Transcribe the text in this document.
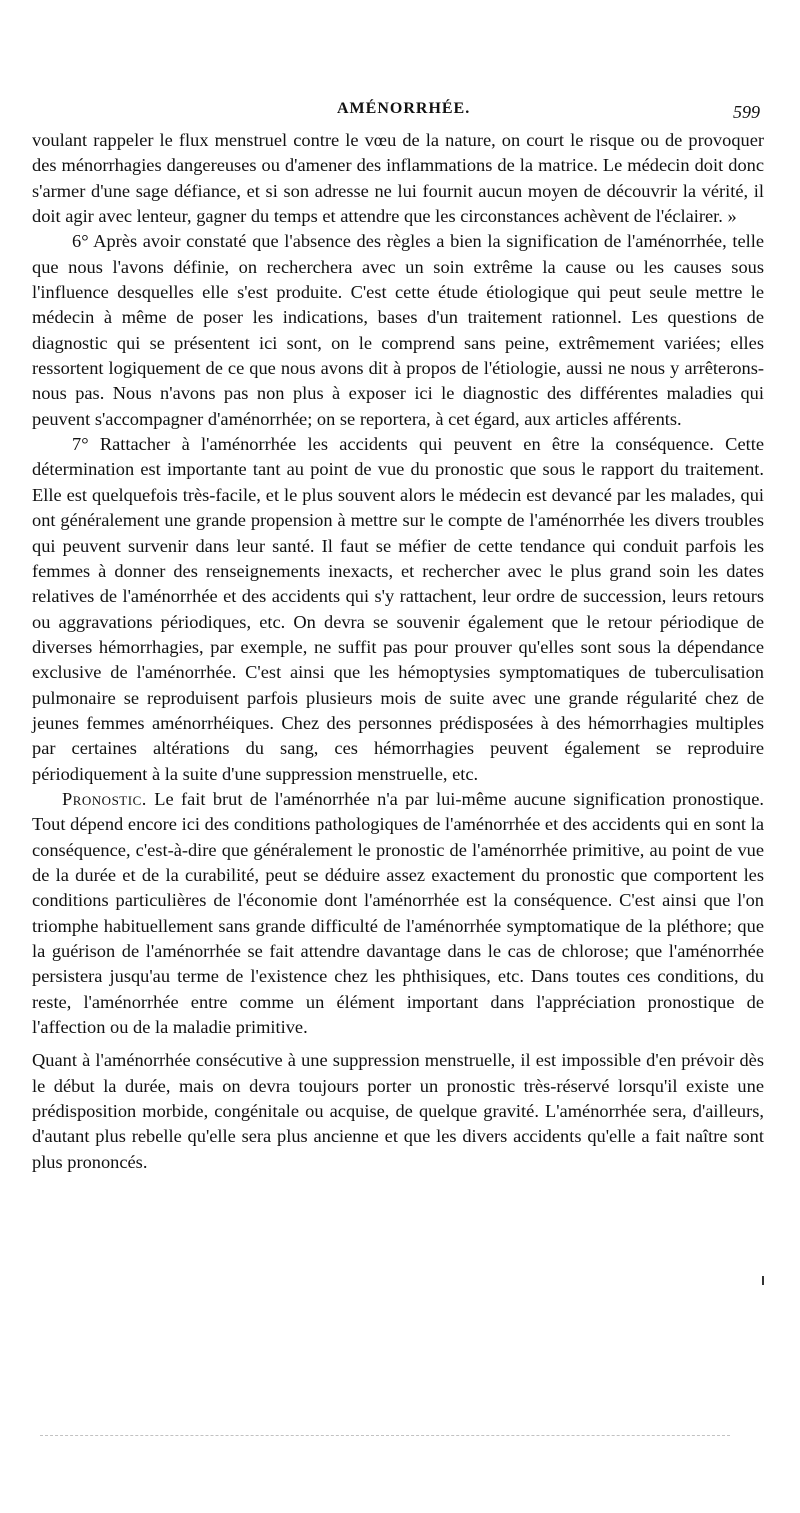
AMÉNORRHÉE.	599

voulant rappeler le flux menstruel contre le vœu de la nature, on court le risque ou de provoquer des ménorrhagies dangereuses ou d'amener des inflammations de la matrice. Le médecin doit donc s'armer d'une sage défiance, et si son adresse ne lui fournit aucun moyen de découvrir la vérité, il doit agir avec lenteur, gagner du temps et attendre que les circonstances achèvent de l'éclairer. »

6° Après avoir constaté que l'absence des règles a bien la signification de l'aménorrhée, telle que nous l'avons définie, on recherchera avec un soin extrême la cause ou les causes sous l'influence desquelles elle s'est produite. C'est cette étude étiologique qui peut seule mettre le médecin à même de poser les indications, bases d'un traitement rationnel. Les questions de diagnostic qui se présentent ici sont, on le comprend sans peine, extrêmement variées; elles ressortent logiquement de ce que nous avons dit à propos de l'étiologie, aussi ne nous y arrêterons-nous pas. Nous n'avons pas non plus à exposer ici le diagnostic des différentes maladies qui peuvent s'accompagner d'aménorrhée; on se reportera, à cet égard, aux articles afférents.

7° Rattacher à l'aménorrhée les accidents qui peuvent en être la conséquence. Cette détermination est importante tant au point de vue du pronostic que sous le rapport du traitement. Elle est quelquefois très-facile, et le plus souvent alors le médecin est devancé par les malades, qui ont généralement une grande propension à mettre sur le compte de l'aménorrhée les divers troubles qui peuvent survenir dans leur santé. Il faut se méfier de cette tendance qui conduit parfois les femmes à donner des renseignements inexacts, et rechercher avec le plus grand soin les dates relatives de l'aménorrhée et des accidents qui s'y rattachent, leur ordre de succession, leurs retours ou aggravations périodiques, etc. On devra se souvenir également que le retour périodique de diverses hémorrhagies, par exemple, ne suffit pas pour prouver qu'elles sont sous la dépendance exclusive de l'aménorrhée. C'est ainsi que les hémoptysies symptomatiques de tuberculisation pulmonaire se reproduisent parfois plusieurs mois de suite avec une grande régularité chez de jeunes femmes aménorrhéiques. Chez des personnes prédisposées à des hémorrhagies multiples par certaines altérations du sang, ces hémorrhagies peuvent également se reproduire périodiquement à la suite d'une suppression menstruelle, etc.

Pronostic. Le fait brut de l'aménorrhée n'a par lui-même aucune signification pronostique. Tout dépend encore ici des conditions pathologiques de l'aménorrhée et des accidents qui en sont la conséquence, c'est-à-dire que généralement le pronostic de l'aménorrhée primitive, au point de vue de la durée et de la curabilité, peut se déduire assez exactement du pronostic que comportent les conditions particulières de l'économie dont l'aménorrhée est la conséquence. C'est ainsi que l'on triomphe habituellement sans grande difficulté de l'aménorrhée symptomatique de la pléthore; que la guérison de l'aménorrhée se fait attendre davantage dans le cas de chlorose; que l'aménorrhée persistera jusqu'au terme de l'existence chez les phthisiques, etc. Dans toutes ces conditions, du reste, l'aménorrhée entre comme un élément important dans l'appréciation pronostique de l'affection ou de la maladie primitive.

Quant à l'aménorrhée consécutive à une suppression menstruelle, il est impossible d'en prévoir dès le début la durée, mais on devra toujours porter un pronostic très-réservé lorsqu'il existe une prédisposition morbide, congénitale ou acquise, de quelque gravité. L'aménorrhée sera, d'ailleurs, d'autant plus rebelle qu'elle sera plus ancienne et que les divers accidents qu'elle a fait naître sont plus prononcés.
